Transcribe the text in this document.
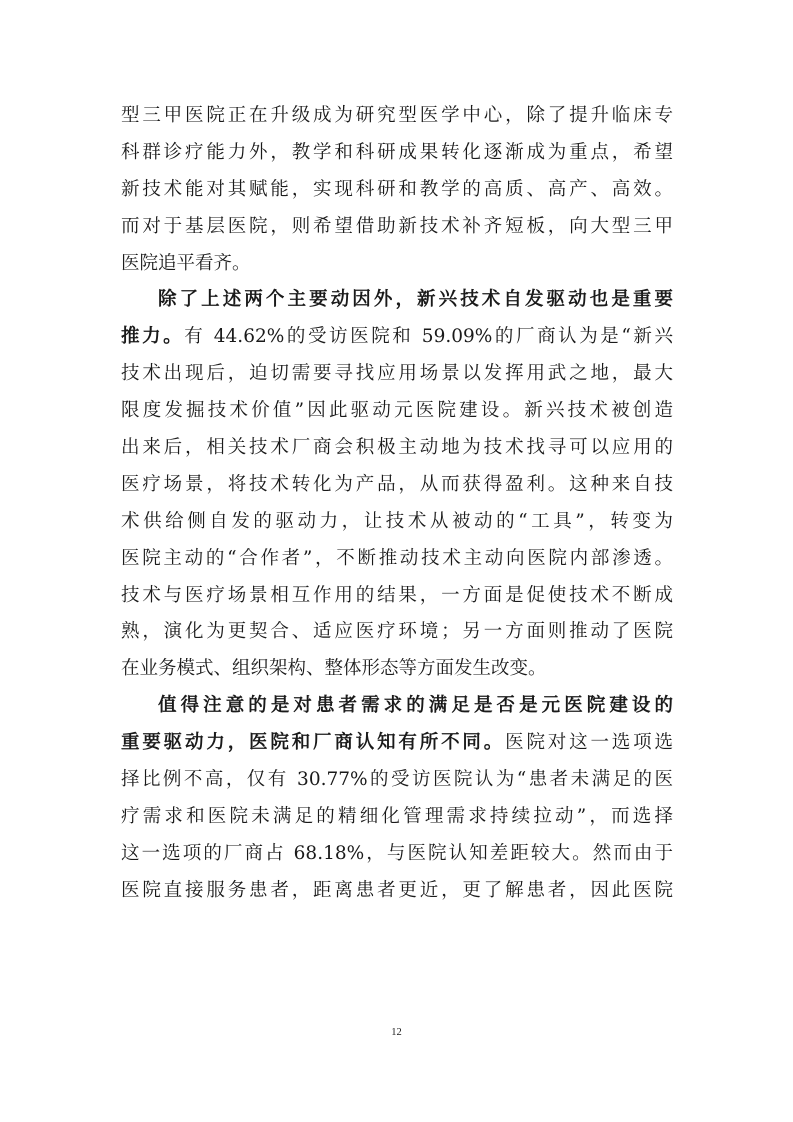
型三甲医院正在升级成为研究型医学中心，除了提升临床专
科群诊疗能力外，教学和科研成果转化逐渐成为重点，希望
新技术能对其赋能，实现科研和教学的高质、高产、高效。
而对于基层医院，则希望借助新技术补齐短板，向大型三甲
医院追平看齐。
除了上述两个主要动因外，新兴技术自发驱动也是重要
推力。有 44.62%的受访医院和 59.09%的厂商认为是“新兴
技术出现后，迫切需要寻找应用场景以发挥用武之地，最大
限度发掘技术价值”因此驱动元医院建设。新兴技术被创造
出来后，相关技术厂商会积极主动地为技术找寻可以应用的
医疗场景，将技术转化为产品，从而获得盈利。这种来自技
术供给侧自发的驱动力，让技术从被动的“工具”，转变为
医院主动的“合作者”，不断推动技术主动向医院内部渗透。
技术与医疗场景相互作用的结果，一方面是促使技术不断成
熟，演化为更契合、适应医疗环境；另一方面则推动了医院
在业务模式、组织架构、整体形态等方面发生改变。
值得注意的是对患者需求的满足是否是元医院建设的
重要驱动力，医院和厂商认知有所不同。医院对这一选项选
择比例不高，仅有 30.77%的受访医院认为“患者未满足的医
疗需求和医院未满足的精细化管理需求持续拉动”，而选择
这一选项的厂商占 68.18%，与医院认知差距较大。然而由于
医院直接服务患者，距离患者更近，更了解患者，因此医院
12
